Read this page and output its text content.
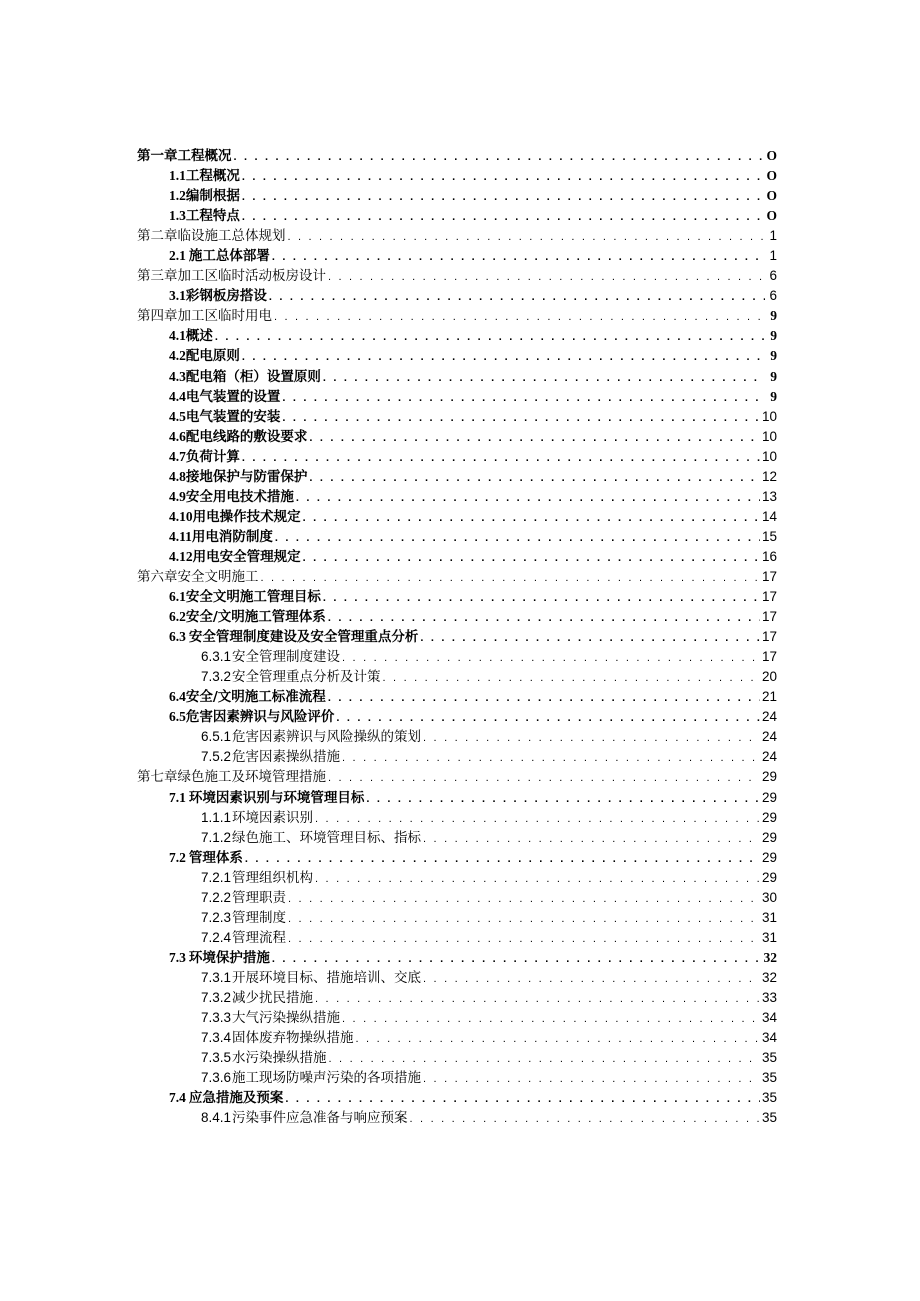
第一章工程概况 . . .	O
1.1 工程概况 . . .	O
1.2 编制根据 . . .	O
1.3 工程特点 . . .	O
第二章临设施工总体规划 . . .	1
2.1 施工总体部署 . . .	1
第三章加工区临时活动板房设计 . . .	6
3.1 彩钢板房搭设 . . .	6
第四章加工区临时用电 . . .	9
4.1 概述 . . .	9
4.2 配电原则 . . .	9
4.3 配电箱（柜）设置原则 . . .	9
4.4 电气装置的设置 . . .	9
4.5 电气装置的安装 . . .	10
4.6 配电线路的敷设要求 . . .	10
4.7 负荷计算 . . .	10
4.8 接地保护与防雷保护 . . .	12
4.9 安全用电技术措施 . . .	13
4.10 用电操作技术规定 . . .	14
4.11 用电消防制度 . . .	15
4.12 用电安全管理规定 . . .	16
第六章安全文明施工 . . .	17
6.1 安全文明施工管理目标 . . .	17
6.2 安全/文明施工管理体系 . . .	17
6.3 安全管理制度建设及安全管理重点分析 . . .	17
6. 3.1 安全管理制度建设 . . .	17
7. 3.2 安全管理重点分析及计策 . . .	20
6.4 安全/文明施工标准流程 . . .	21
6.5 危害因素辨识与风险评价 . . .	24
6. 5.1 危害因素辨识与风险操纵的策划 . . .	24
7. 5.2 危害因素操纵措施 . . .	24
第七章绿色施工及环境管理措施 . . .	29
7.1 环境因素识别与环境管理目标 . . .	29
1 .1.1 环境因素识别 . . .	29
7 .1.2 绿色施工、环境管理目标、指标 . . .	29
7.2 管理体系 . . .	29
7. 2.1 管理组织机构 . . .	29
7. 2.2 管理职责 . . .	30
7. 2.3 管理制度 . . .	31
7. 2.4 管理流程 . . .	31
7.3 环境保护措施 . . .	32
7. 3.1 开展环境目标、措施培训、交底 . . .	32
7. 3.2 减少扰民措施 . . .	33
7. 3.3 大气污染操纵措施 . . .	34
7. 3.4 固体废弃物操纵措施 . . .	34
7. 3.5 水污染操纵措施 . . .	35
7. 3.6 施工现场防噪声污染的各项措施 . . .	35
7.4 应急措施及预案 . . .	35
8. 4.1 污染事件应急准备与响应预案 . . .	35
